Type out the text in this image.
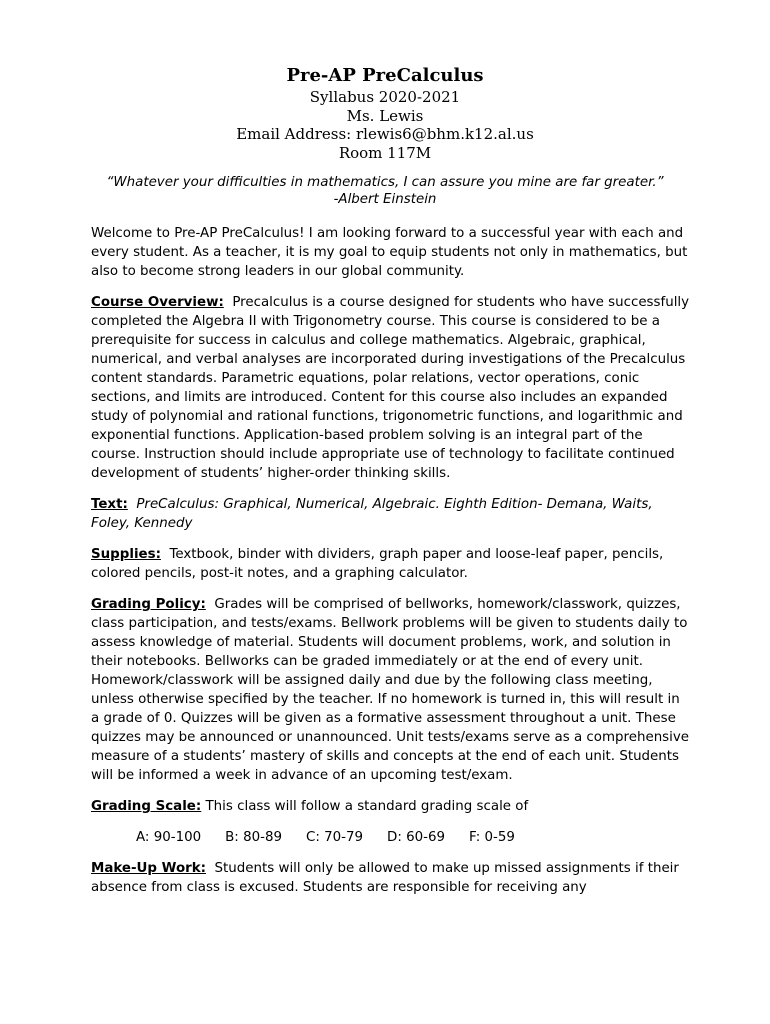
Pre-AP PreCalculus

Syllabus 2020-2021

Ms. Lewis

Email Address: rlewis6@bhm.k12.al.us

Room 117M

“Whatever your difficulties in mathematics, I can assure you mine are far greater.”

-Albert Einstein

Welcome to Pre-AP PreCalculus! I am looking forward to a successful year with each and every student. As a teacher, it is my goal to equip students not only in mathematics, but also to become strong leaders in our global community.

Course Overview: Precalculus is a course designed for students who have successfully completed the Algebra II with Trigonometry course. This course is considered to be a prerequisite for success in calculus and college mathematics. Algebraic, graphical, numerical, and verbal analyses are incorporated during investigations of the Precalculus content standards. Parametric equations, polar relations, vector operations, conic sections, and limits are introduced. Content for this course also includes an expanded study of polynomial and rational functions, trigonometric functions, and logarithmic and exponential functions. Application-based problem solving is an integral part of the course. Instruction should include appropriate use of technology to facilitate continued development of students’ higher-order thinking skills.

Text: PreCalculus: Graphical, Numerical, Algebraic. Eighth Edition- Demana, Waits, Foley, Kennedy

Supplies: Textbook, binder with dividers, graph paper and loose-leaf paper, pencils, colored pencils, post-it notes, and a graphing calculator.

Grading Policy: Grades will be comprised of bellworks, homework/classwork, quizzes, class participation, and tests/exams. Bellwork problems will be given to students daily to assess knowledge of material. Students will document problems, work, and solution in their notebooks. Bellworks can be graded immediately or at the end of every unit. Homework/classwork will be assigned daily and due by the following class meeting, unless otherwise specified by the teacher. If no homework is turned in, this will result in a grade of 0. Quizzes will be given as a formative assessment throughout a unit. These quizzes may be announced or unannounced. Unit tests/exams serve as a comprehensive measure of a students’ mastery of skills and concepts at the end of each unit. Students will be informed a week in advance of an upcoming test/exam.

Grading Scale: This class will follow a standard grading scale of

A: 90-100 B: 80-89 C: 70-79 D: 60-69 F: 0-59

Make-Up Work: Students will only be allowed to make up missed assignments if their absence from class is excused. Students are responsible for receiving any
